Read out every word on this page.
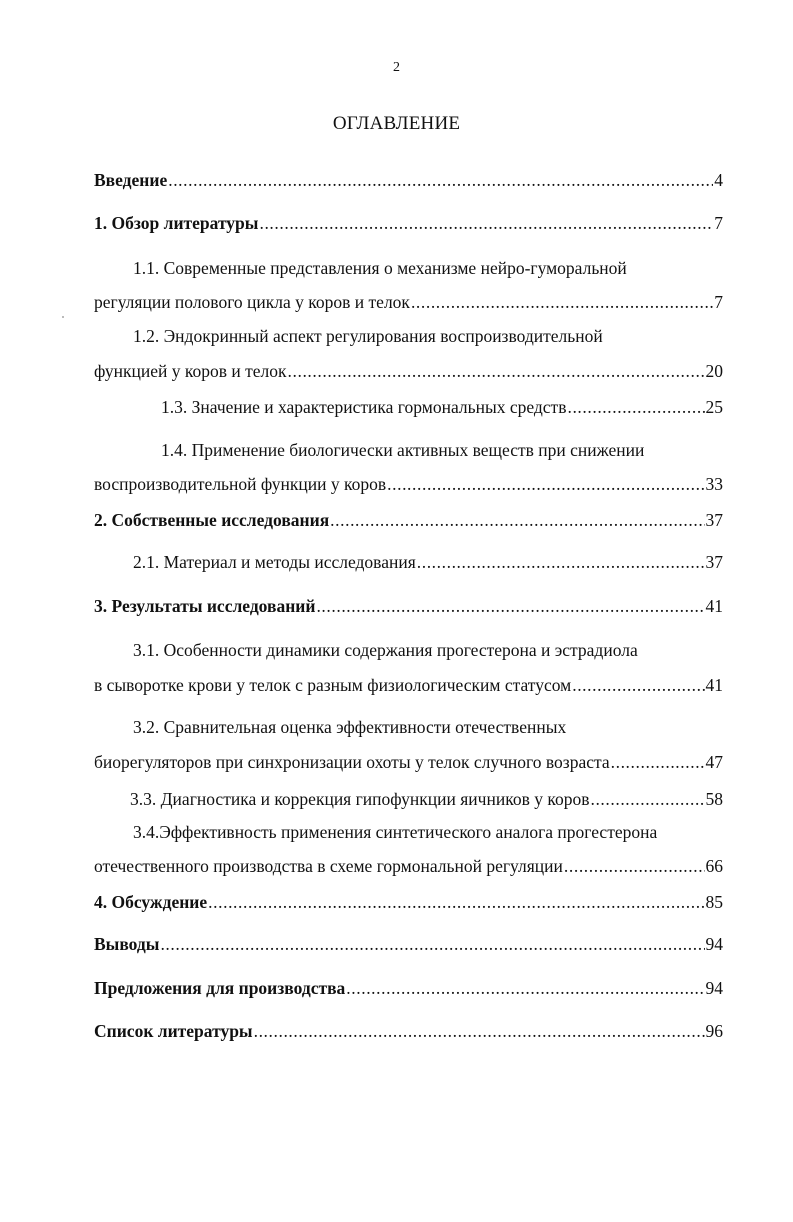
2
ОГЛАВЛЕНИЕ
Введение .....	4
1. Обзор литературы .....	7
1.1. Современные представления о механизме нейро-гуморальной
регуляции полового цикла у коров и телок .....	7
1.2. Эндокринный аспект регулирования воспроизводительной
функцией у коров и телок .....	20
1.3. Значение и характеристика гормональных средств .....	25
1.4. Применение биологически активных веществ при снижении
воспроизводительной функции у коров .....	33
2. Собственные исследования .....	37
2.1. Материал и методы исследования .....	37
3. Результаты исследований .....	41
3.1. Особенности динамики содержания прогестерона и эстрадиола
в сыворотке крови у телок с разным физиологическим статусом .....	41
3.2. Сравнительная оценка эффективности отечественных
биорегуляторов при синхронизации охоты у телок случного возраста .....	47
3.3. Диагностика и коррекция гипофункции яичников у коров .....	58
3.4.Эффективность применения синтетического аналога прогестерона
отечественного производства в схеме гормональной регуляции .....	66
4. Обсуждение .....	85
Выводы .....	94
Предложения для производства .....	94
Список литературы .....	96
